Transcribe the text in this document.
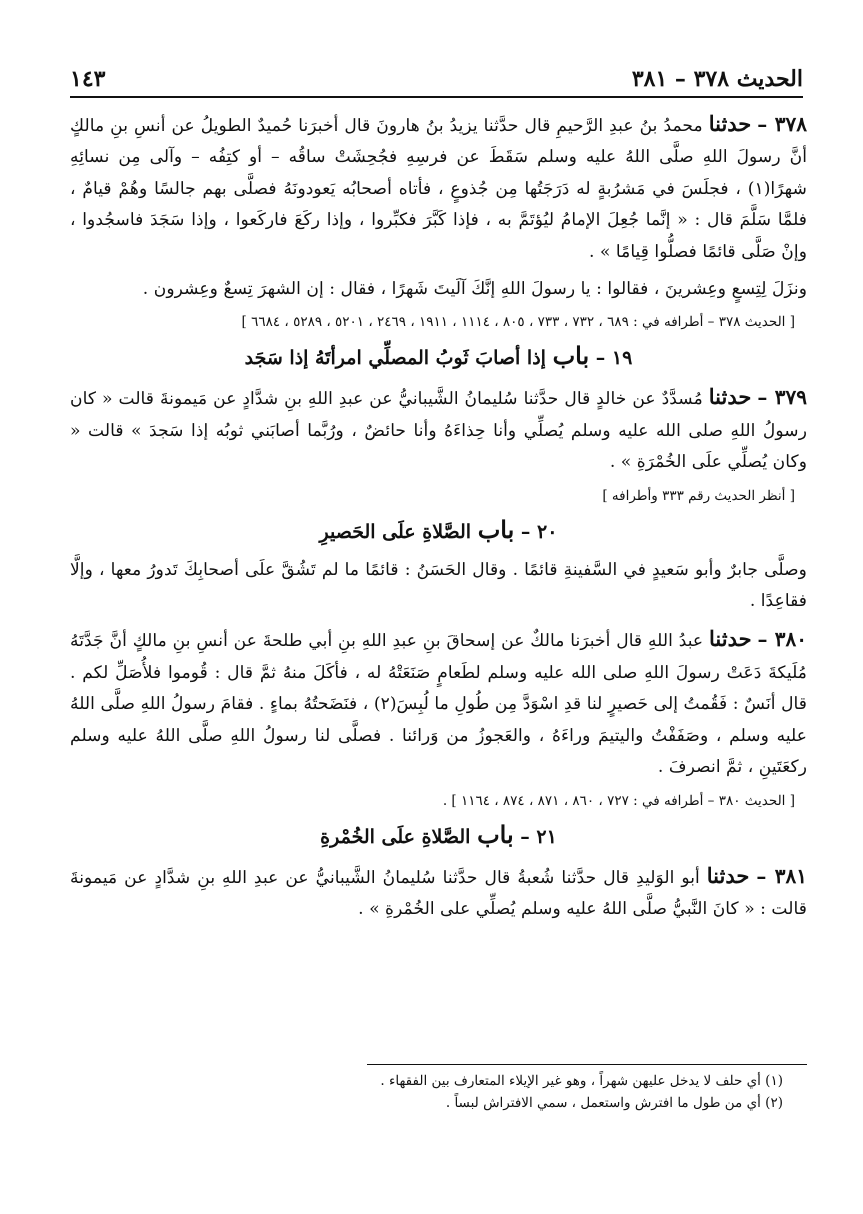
الحديث ٣٧٨ – ٣٨١
١٤٣

٣٧٨ – حدثنا محمدُ بنُ عبدِ الرَّحيمِ قال حدَّثنا يزيدُ بنُ هارونَ قال أخبرَنا حُميدٌ الطويلُ عن أنسِ بنِ مالكٍ أنَّ رسولَ اللهِ صلَّى اللهُ عليه وسلم سَقَطَ عن فرسِهِ فجُحِشَتْ ساقُه – أو كتِفُه – وآلى مِن نسائِهِ شهرًا(١) ، فجلَسَ في مَشرُبةٍ له دَرَجَتُها مِن جُذوعٍ ، فأتاه أصحابُه يَعودونَهُ فصلَّى بهم جالسًا وهُمْ قيامٌ ، فلمَّا سَلَّمَ قال : « إنَّما جُعِلَ الإمامُ ليُؤتَمَّ به ، فإذا كَبَّرَ فكبِّروا ، وإذا ركَعَ فاركَعوا ، وإذا سَجَدَ فاسجُدوا ، وإنْ صَلَّى قائمًا فصلُّوا قِيامًا » .

ونزَلَ لِتِسعٍ وعِشرينَ ، فقالوا : يا رسولَ اللهِ إنَّكَ آلَيتَ شَهرًا ، فقال : إن الشهرَ تِسعٌ وعِشرون .

[ الحديث ٣٧٨ – أطرافه في : ٦٨٩ ، ٧٣٢ ، ٧٣٣ ، ٨٠٥ ، ١١١٤ ، ١٩١١ ، ٢٤٦٩ ، ٥٢٠١ ، ٥٢٨٩ ، ٦٦٨٤ ]
١٩ – باب إذا أصابَ ثَوبُ المصلِّي امرأتَهُ إذا سَجَد

٣٧٩ – حدثنا مُسدَّدٌ عن خالدٍ قال حدَّثنا سُليمانُ الشَّيبانيُّ عن عبدِ اللهِ بنِ شدَّادٍ عن مَيمونةَ قالت « كان رسولُ اللهِ صلى الله عليه وسلم يُصلِّي وأنا حِذاءَهُ وأنا حائضٌ ، ورُبَّما أصابَني ثوبُه إذا سَجدَ » قالت « وكان يُصلِّي علَى الخُمْرَةِ » .

[ أنظر الحديث رقم ٣٣٣ وأطرافه ]
٢٠ – باب الصَّلاةِ علَى الحَصيرِ

وصلَّى جابرٌ وأبو سَعيدٍ في السَّفينةِ قائمًا . وقال الحَسَنُ : قائمًا ما لم تَشُقَّ علَى أصحابِكَ تَدورُ معها ، وإلَّا فقاعِدًا .

٣٨٠ – حدثنا عبدُ اللهِ قال أخبرَنا مالكٌ عن إسحاقَ بنِ عبدِ اللهِ بنِ أبي طلحةَ عن أنسِ بنِ مالكٍ أنَّ جَدَّتَهُ مُلَيكةَ دَعَتْ رسولَ اللهِ صلى الله عليه وسلم لطَعامٍ صَنَعَتْهُ له ، فأكَلَ منهُ ثمَّ قال : قُوموا فلأُصَلِّ لكم . قال أنَسٌ : فَقُمتُ إلى حَصيرٍ لنا قدِ اسْوَدَّ مِن طُولِ ما لُبِسَ(٢) ، فنَضَحتُهُ بماءٍ . فقامَ رسولُ اللهِ صلَّى اللهُ عليه وسلم ، وصَفَفْتُ واليتيمَ وراءَهُ ، والعَجوزُ من وَرائنا . فصلَّى لنا رسولُ اللهِ صلَّى اللهُ عليه وسلم ركعَتَينِ ، ثمَّ انصرفَ .

[ الحديث ٣٨٠ – أطرافه في : ٧٢٧ ، ٨٦٠ ، ٨٧١ ، ٨٧٤ ، ١١٦٤ ] .
٢١ – باب الصَّلاةِ علَى الخُمْرةِ

٣٨١ – حدثنا أبو الوَليدِ قال حدَّثنا شُعبةُ قال حدَّثنا سُليمانُ الشَّيبانيُّ عن عبدِ اللهِ بنِ شدَّادٍ عن مَيمونةَ قالت : « كانَ النَّبيُّ صلَّى اللهُ عليه وسلم يُصلِّي على الخُمْرةِ » .

(١) أي حلف لا يدخل عليهن شهراً ، وهو غير الإيلاء المتعارف بين الفقهاء .

(٢) أي من طول ما افترش واستعمل ، سمي الافتراش لبساً .
